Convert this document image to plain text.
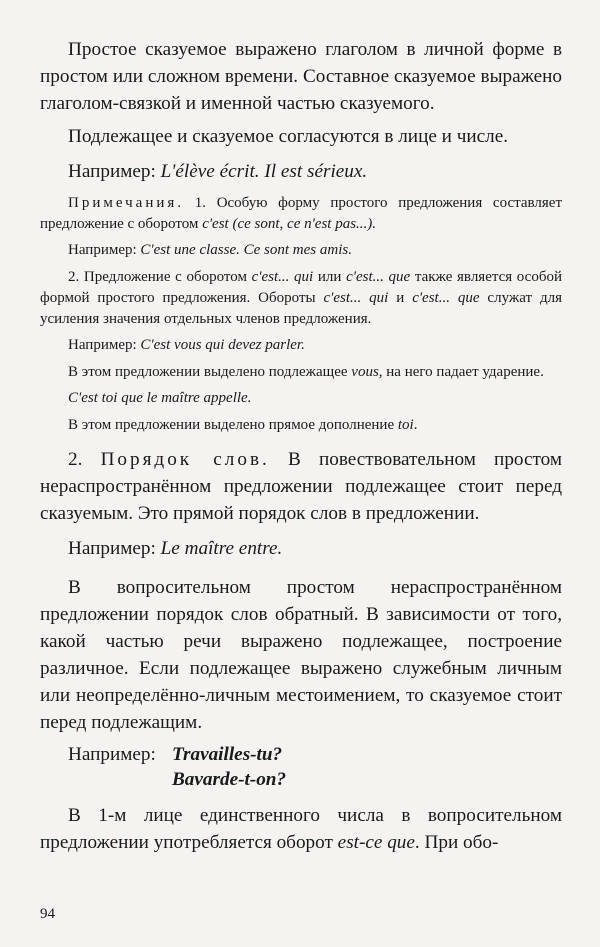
Простое сказуемое выражено глаголом в личной форме в простом или сложном времени. Составное сказуемое выражено глаголом-связкой и именной частью сказуемого.

Подлежащее и сказуемое согласуются в лице и числе.

Например: L'élève écrit. Il est sérieux.

Примечания. 1. Особую форму простого предложения составляет предложение с оборотом c'est (ce sont, ce n'est pas...).

Например: C'est une classe. Ce sont mes amis.

2. Предложение с оборотом c'est... qui или c'est... que также является особой формой простого предложения. Обороты c'est... qui и c'est... que служат для усиления значения отдельных членов предложения.

Например: C'est vous qui devez parler.

В этом предложении выделено подлежащее vous, на него падает ударение.

C'est toi que le maître appelle.

В этом предложении выделено прямое дополнение toi.

2. Порядок слов. В повествовательном простом нераспространённом предложении подлежащее стоит перед сказуемым. Это прямой порядок слов в предложении.

Например: Le maître entre.

В вопросительном простом нераспространённом предложении порядок слов обратный. В зависимости от того, какой частью речи выражено подлежащее, построение различное. Если подлежащее выражено служебным личным или неопределённо-личным местоимением, то сказуемое стоит перед подлежащим.

Например: Travailles-tu?
Bavarde-t-on?

В 1-м лице единственного числа в вопросительном предложении употребляется оборот est-ce que. При обо-

94
